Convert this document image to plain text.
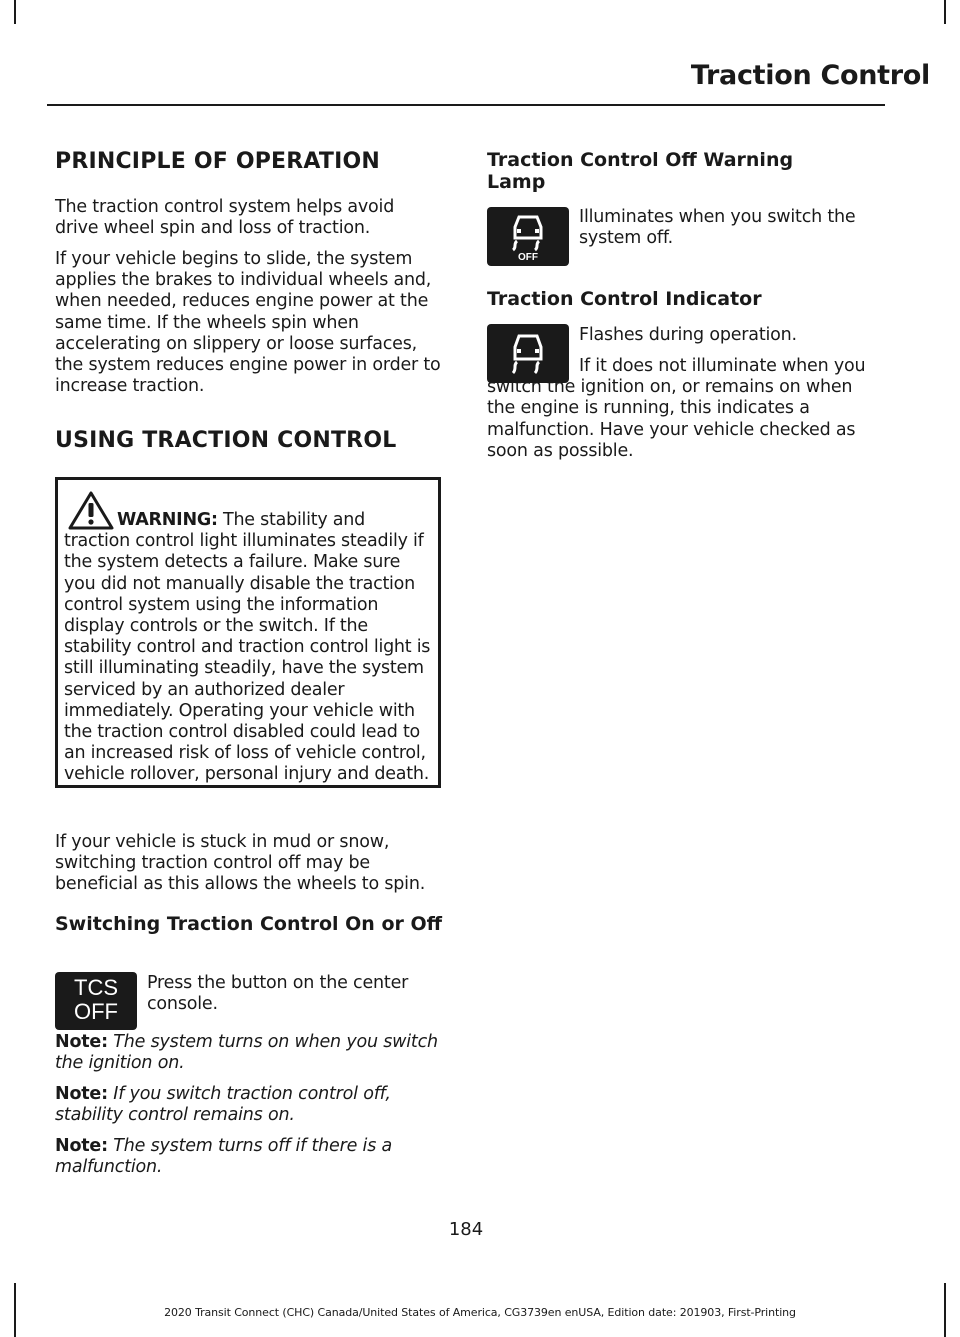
Traction Control
PRINCIPLE OF OPERATION

The traction control system helps avoid drive wheel spin and loss of traction.

If your vehicle begins to slide, the system applies the brakes to individual wheels and, when needed, reduces engine power at the same time. If the wheels spin when accelerating on slippery or loose surfaces, the system reduces engine power in order to increase traction.

USING TRACTION CONTROL

WARNING: The stability and traction control light illuminates steadily if the system detects a failure. Make sure you did not manually disable the traction control system using the information display controls or the switch. If the stability control and traction control light is still illuminating steadily, have the system serviced by an authorized dealer immediately. Operating your vehicle with the traction control disabled could lead to an increased risk of loss of vehicle control, vehicle rollover, personal injury and death.

If your vehicle is stuck in mud or snow, switching traction control off may be beneficial as this allows the wheels to spin.

Switching Traction Control On or Off
TCS
OFF

Press the button on the center console.

Note: The system turns on when you switch the ignition on.

Note: If you switch traction control off, stability control remains on.

Note: The system turns off if there is a malfunction.

Traction Control Off Warning Lamp
OFF

Illuminates when you switch the system off.

Traction Control Indicator

Flashes during operation.

If it does not illuminate when you switch the ignition on, or remains on when the engine is running, this indicates a malfunction. Have your vehicle checked as soon as possible.

184
2020 Transit Connect (CHC) Canada/United States of America, CG3739en enUSA, Edition date: 201903, First-Printing
